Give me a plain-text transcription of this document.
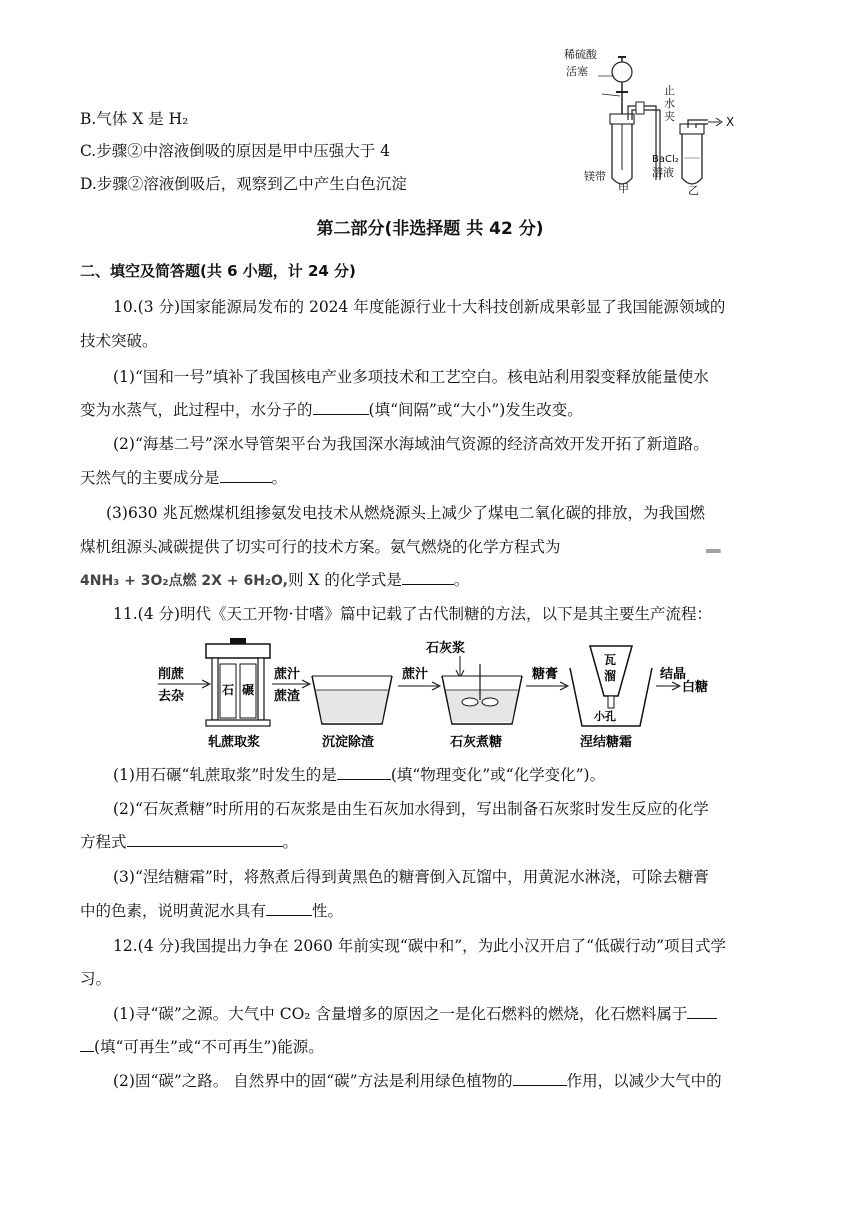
B.气体 X 是 H₂
C.步骤②中溶液倒吸的原因是甲中压强大于 4
D.步骤②溶液倒吸后，观察到乙中产生白色沉淀
稀硫酸
活塞
止
水
夹	X
镁带
BaCl₂
溶液
甲	乙
第二部分(非选择题 共 42 分)
二、填空及简答题(共 6 小题，计 24 分)
10.(3 分)国家能源局发布的 2024 年度能源行业十大科技创新成果彰显了我国能源领域的
技术突破。
(1)“国和一号”填补了我国核电产业多项技术和工艺空白。核电站利用裂变释放能量使水
变为水蒸气，此过程中，水分子的	(填“间隔”或“大小”)发生改变。
(2)“海基二号”深水导管架平台为我国深水海域油气资源的经济高效开发开拓了新道路。
天然气的主要成分是	。
(3)630 兆瓦燃煤机组掺氨发电技术从燃烧源头上减少了煤电二氧化碳的排放，为我国燃
煤机组源头减碳提供了切实可行的技术方案。氨气燃烧的化学方程式为	══
4NH₃ + 3O₂点燃 2X + 6H₂O,则 X 的化学式是	。
11.(4 分)明代《天工开物·甘嗜》篇中记载了古代制糖的方法，以下是其主要生产流程：
削蔗
去杂	石 碾
蔗汁
蔗渣
蔗汁
石灰浆
糖膏
瓦
溜
小孔
结晶
白糖
轧蔗取浆	沉淀除渣	石灰煮糖	涅结糖霜
(1)用石碾“轧蔗取浆”时发生的是	(填“物理变化”或“化学变化”)。
(2)“石灰煮糖”时所用的石灰浆是由生石灰加水得到，写出制备石灰浆时发生反应的化学
方程式	。
(3)“涅结糖霜”时，将熬煮后得到黄黑色的糖膏倒入瓦馏中，用黄泥水淋浇，可除去糖膏
中的色素，说明黄泥水具有	性。
12.(4 分)我国提出力争在 2060 年前实现“碳中和”，为此小汉开启了“低碳行动”项目式学
习。
(1)寻“碳”之源。大气中 CO₂ 含量增多的原因之一是化石燃料的燃烧，化石燃料属于
(填“可再生”或“不可再生”)能源。
(2)固“碳”之路。 自然界中的固“碳”方法是利用绿色植物的	作用，以减少大气中的
